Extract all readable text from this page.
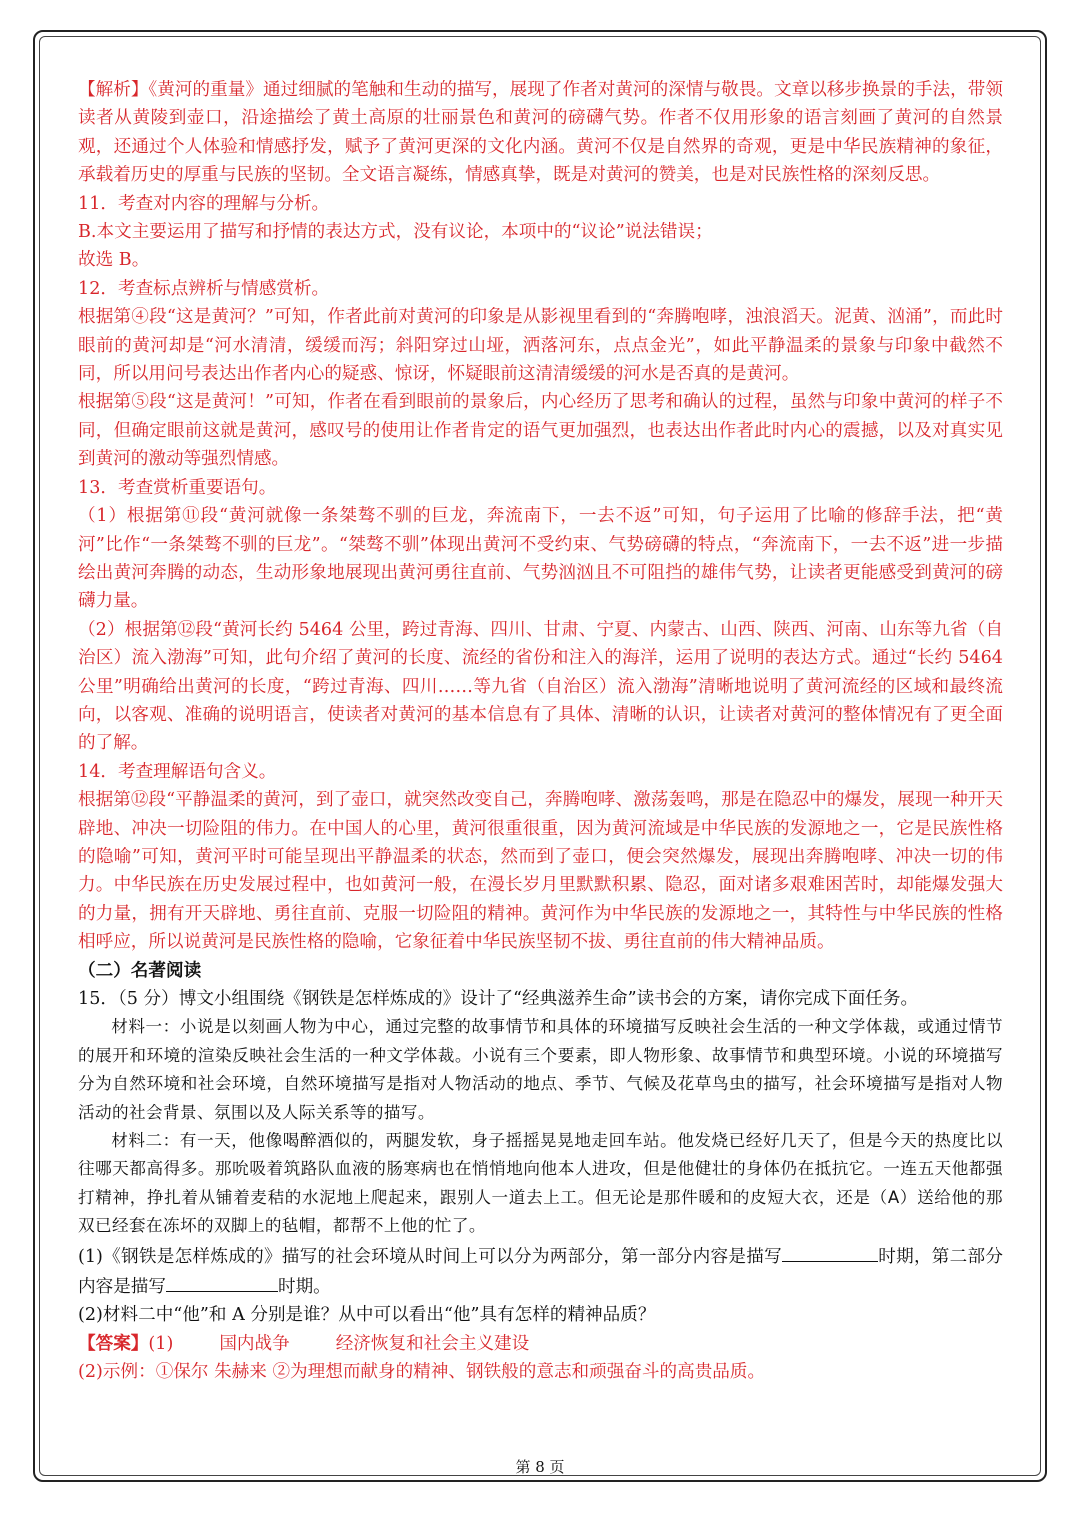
【解析】《黄河的重量》通过细腻的笔触和生动的描写，展现了作者对黄河的深情与敬畏。文章以移步换景的手法，带领读者从黄陵到壶口，沿途描绘了黄土高原的壮丽景色和黄河的磅礴气势。作者不仅用形象的语言刻画了黄河的自然景观，还通过个人体验和情感抒发，赋予了黄河更深的文化内涵。黄河不仅是自然界的奇观，更是中华民族精神的象征，承载着历史的厚重与民族的坚韧。全文语言凝练，情感真挚，既是对黄河的赞美，也是对民族性格的深刻反思。

11．考查对内容的理解与分析。

B.本文主要运用了描写和抒情的表达方式，没有议论，本项中的“议论”说法错误；

故选 B。

12．考查标点辨析与情感赏析。

根据第④段“这是黄河？”可知，作者此前对黄河的印象是从影视里看到的“奔腾咆哮，浊浪滔天。泥黄、汹涌”，而此时眼前的黄河却是“河水清清，缓缓而泻；斜阳穿过山垭，洒落河东，点点金光”，如此平静温柔的景象与印象中截然不同，所以用问号表达出作者内心的疑惑、惊讶，怀疑眼前这清清缓缓的河水是否真的是黄河。

根据第⑤段“这是黄河！”可知，作者在看到眼前的景象后，内心经历了思考和确认的过程，虽然与印象中黄河的样子不同，但确定眼前这就是黄河，感叹号的使用让作者肯定的语气更加强烈，也表达出作者此时内心的震撼，以及对真实见到黄河的激动等强烈情感。

13．考查赏析重要语句。

（1）根据第⑪段“黄河就像一条桀骜不驯的巨龙，奔流南下，一去不返”可知，句子运用了比喻的修辞手法，把“黄河”比作“一条桀骜不驯的巨龙”。“桀骜不驯”体现出黄河不受约束、气势磅礴的特点，“奔流南下，一去不返”进一步描绘出黄河奔腾的动态，生动形象地展现出黄河勇往直前、气势汹汹且不可阻挡的雄伟气势，让读者更能感受到黄河的磅礴力量。

（2）根据第⑫段“黄河长约 5464 公里，跨过青海、四川、甘肃、宁夏、内蒙古、山西、陕西、河南、山东等九省（自治区）流入渤海”可知，此句介绍了黄河的长度、流经的省份和注入的海洋，运用了说明的表达方式。通过“长约 5464 公里”明确给出黄河的长度，“跨过青海、四川……等九省（自治区）流入渤海”清晰地说明了黄河流经的区域和最终流向，以客观、准确的说明语言，使读者对黄河的基本信息有了具体、清晰的认识，让读者对黄河的整体情况有了更全面的了解。

14．考查理解语句含义。

根据第⑫段“平静温柔的黄河，到了壶口，就突然改变自己，奔腾咆哮、激荡轰鸣，那是在隐忍中的爆发，展现一种开天辟地、冲决一切险阻的伟力。在中国人的心里，黄河很重很重，因为黄河流域是中华民族的发源地之一，它是民族性格的隐喻”可知，黄河平时可能呈现出平静温柔的状态，然而到了壶口，便会突然爆发，展现出奔腾咆哮、冲决一切的伟力。中华民族在历史发展过程中，也如黄河一般，在漫长岁月里默默积累、隐忍，面对诸多艰难困苦时，却能爆发强大的力量，拥有开天辟地、勇往直前、克服一切险阻的精神。黄河作为中华民族的发源地之一，其特性与中华民族的性格相呼应，所以说黄河是民族性格的隐喻，它象征着中华民族坚韧不拔、勇往直前的伟大精神品质。

（二）名著阅读

15．（5 分）博文小组围绕《钢铁是怎样炼成的》设计了“经典滋养生命”读书会的方案，请你完成下面任务。

材料一：小说是以刻画人物为中心，通过完整的故事情节和具体的环境描写反映社会生活的一种文学体裁，或通过情节的展开和环境的渲染反映社会生活的一种文学体裁。小说有三个要素，即人物形象、故事情节和典型环境。小说的环境描写分为自然环境和社会环境，自然环境描写是指对人物活动的地点、季节、气候及花草鸟虫的描写，社会环境描写是指对人物活动的社会背景、氛围以及人际关系等的描写。

材料二：有一天，他像喝醉酒似的，两腿发软，身子摇摇晃晃地走回车站。他发烧已经好几天了，但是今天的热度比以往哪天都高得多。那吮吸着筑路队血液的肠寒病也在悄悄地向他本人进攻，但是他健壮的身体仍在抵抗它。一连五天他都强打精神，挣扎着从铺着麦秸的水泥地上爬起来，跟别人一道去上工。但无论是那件暖和的皮短大衣，还是（A）送给他的那双已经套在冻坏的双脚上的毡帽，都帮不上他的忙了。

(1)《钢铁是怎样炼成的》描写的社会环境从时间上可以分为两部分，第一部分内容是描写	时期，第二部分内容是描写	时期。

(2)材料二中“他”和 A 分别是谁？从中可以看出“他”具有怎样的精神品质？

【答案】(1)	国内战争	经济恢复和社会主义建设

(2)示例：①保尔 朱赫来 ②为理想而献身的精神、钢铁般的意志和顽强奋斗的高贵品质。

第 8 页
